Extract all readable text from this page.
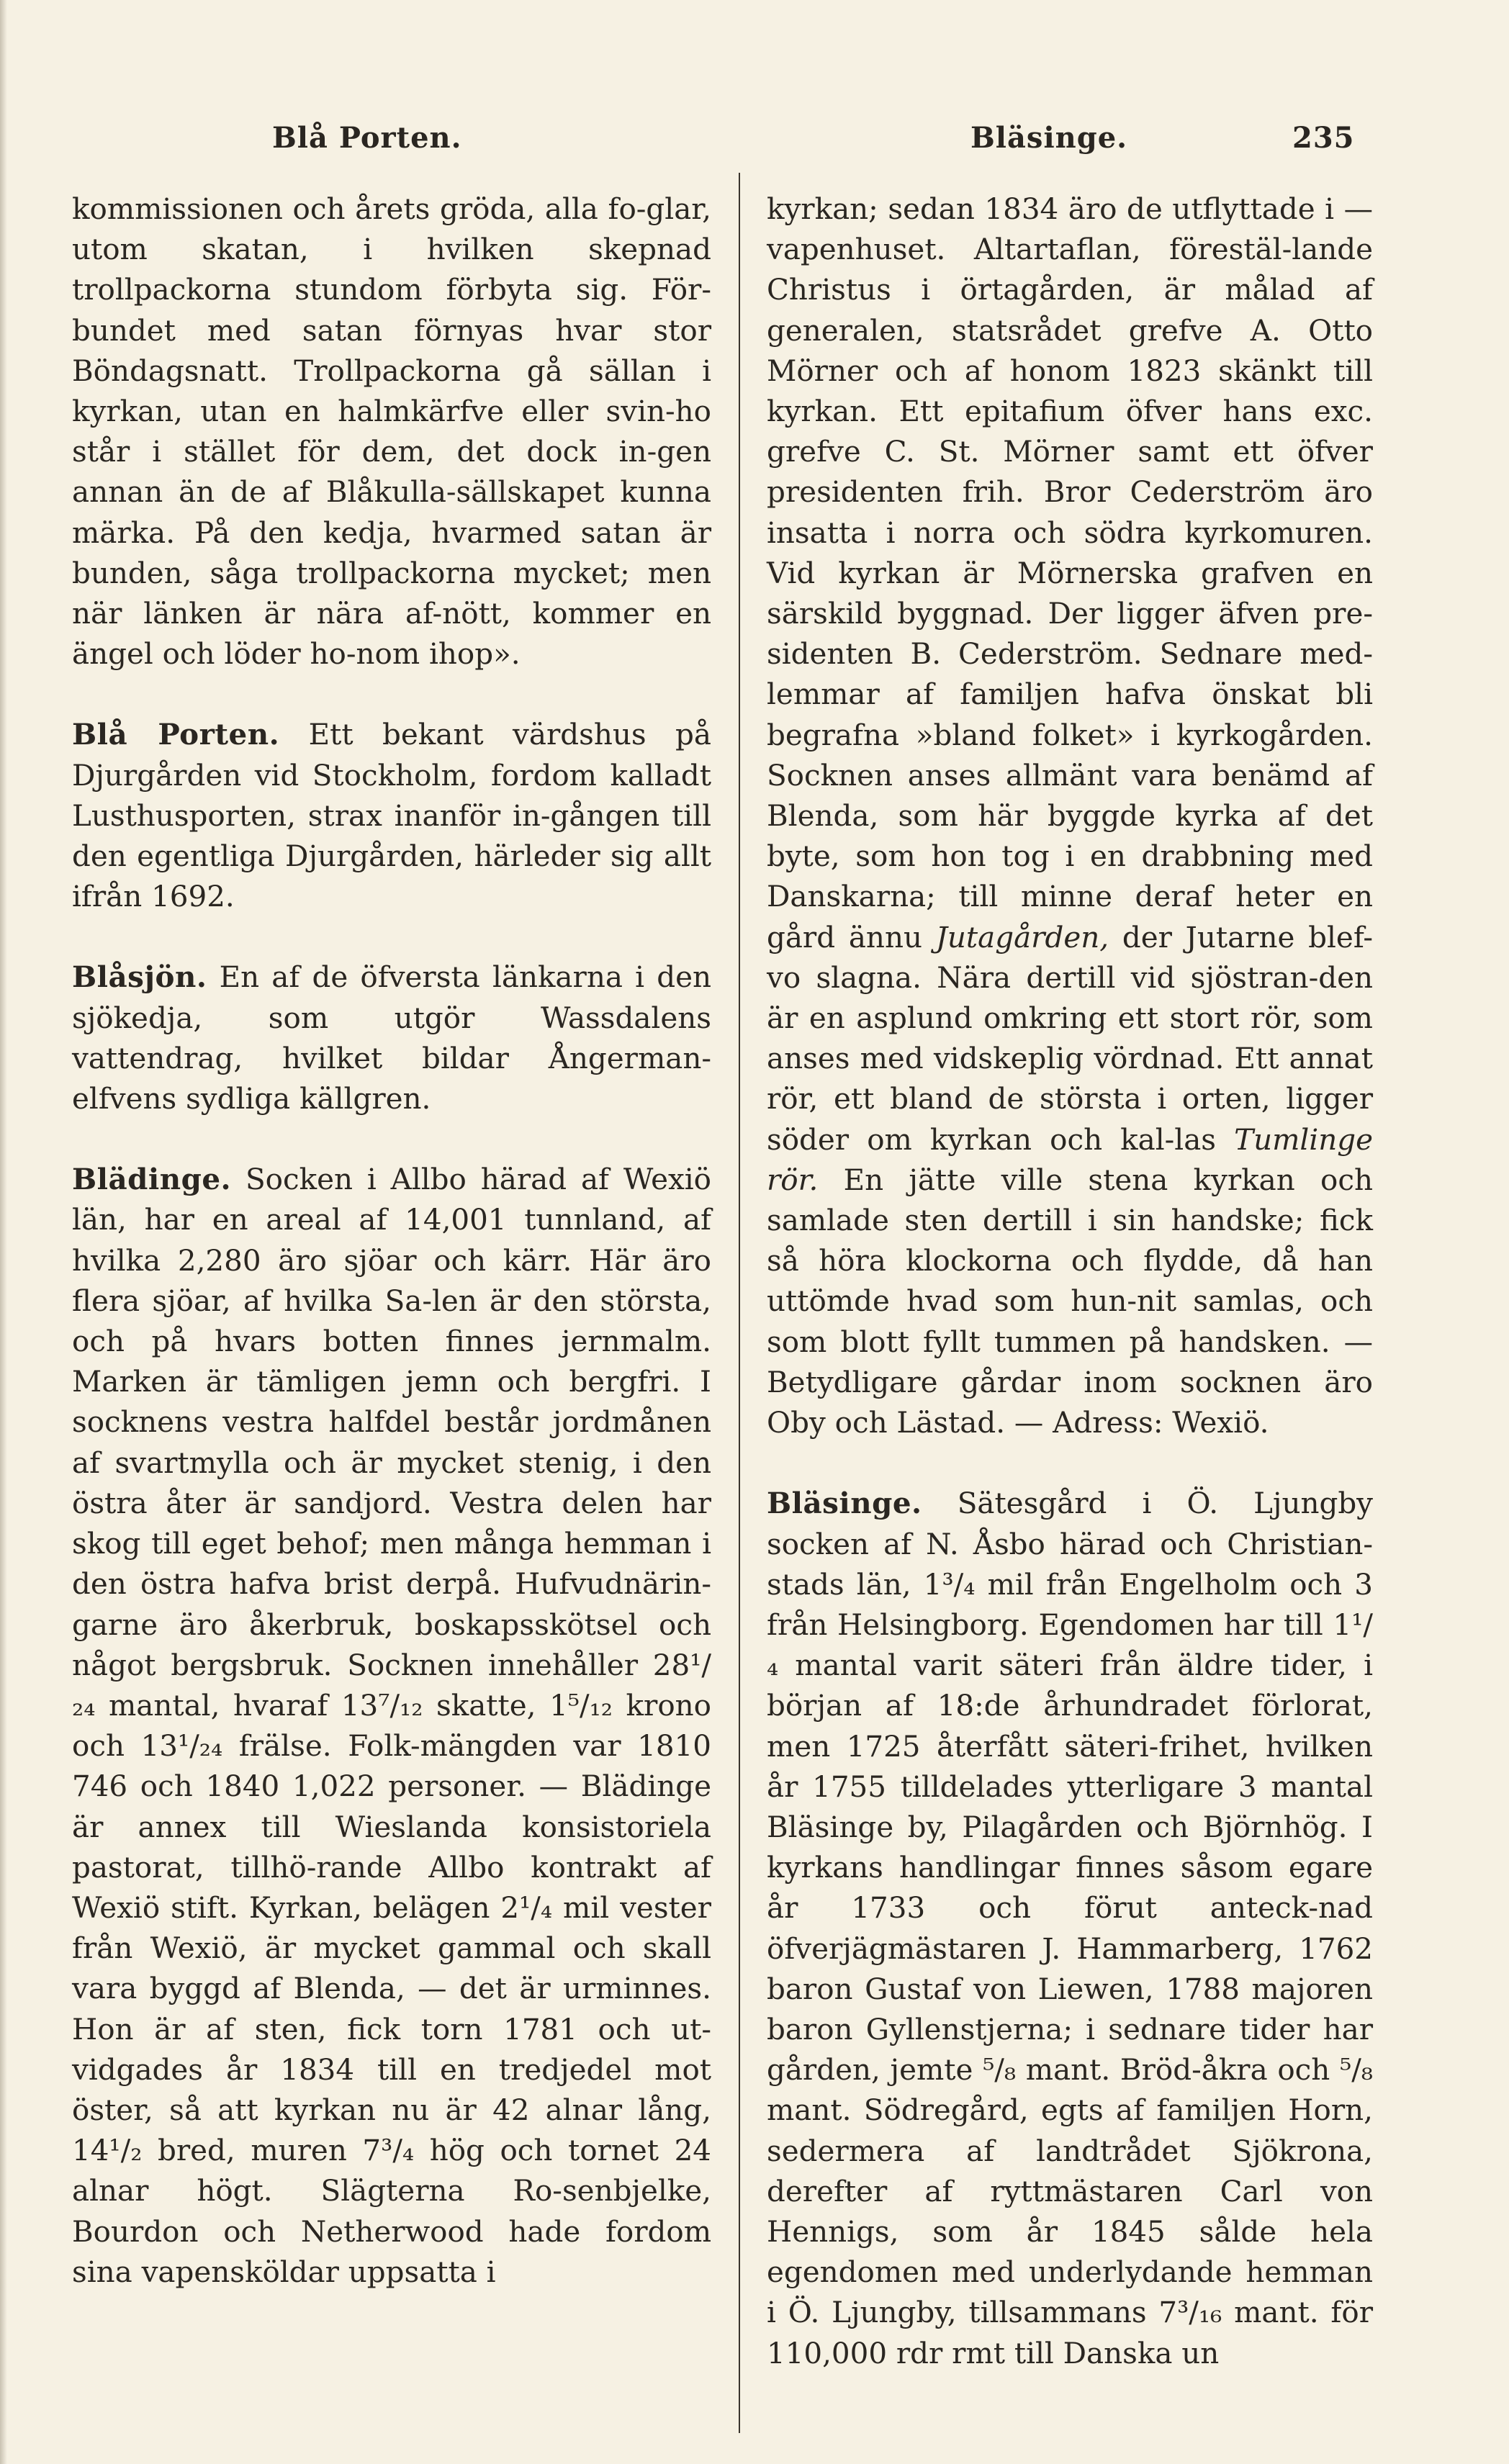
Blå Porten.	Bläsinge.	235

kommissionen och årets gröda, alla fo-glar, utom skatan, i hvilken skepnad trollpackorna stundom förbyta sig. För-bundet med satan förnyas hvar stor Böndagsnatt. Trollpackorna gå sällan i kyrkan, utan en halmkärfve eller svin-ho står i stället för dem, det dock in-gen annan än de af Blåkulla-sällskapet kunna märka. På den kedja, hvarmed satan är bunden, såga trollpackorna mycket; men när länken är nära af-nött, kommer en ängel och löder ho-nom ihop».

Blå Porten. Ett bekant värdshus på Djurgården vid Stockholm, fordom kalladt Lusthusporten, strax inanför in-gången till den egentliga Djurgården, härleder sig allt ifrån 1692.

Blåsjön. En af de öfversta länkarna i den sjökedja, som utgör Wassdalens vattendrag, hvilket bildar Ångerman-elfvens sydliga källgren.

Blädinge. Socken i Allbo härad af Wexiö län, har en areal af 14,001 tunnland, af hvilka 2,280 äro sjöar och kärr. Här äro flera sjöar, af hvilka Sa-len är den största, och på hvars botten finnes jernmalm. Marken är tämligen jemn och bergfri. I socknens vestra halfdel består jordmånen af svartmylla och är mycket stenig, i den östra åter är sandjord. Vestra delen har skog till eget behof; men många hemman i den östra hafva brist derpå. Hufvudnärin-garne äro åkerbruk, boskapsskötsel och något bergsbruk. Socknen innehåller 28¹/₂₄ mantal, hvaraf 13⁷/₁₂ skatte, 1⁵/₁₂ krono och 13¹/₂₄ frälse. Folk-mängden var 1810 746 och 1840 1,022 personer. — Blädinge är annex till Wieslanda konsistoriela pastorat, tillhö-rande Allbo kontrakt af Wexiö stift. Kyrkan, belägen 2¹/₄ mil vester från Wexiö, är mycket gammal och skall vara byggd af Blenda, — det är urminnes. Hon är af sten, fick torn 1781 och ut-vidgades år 1834 till en tredjedel mot öster, så att kyrkan nu är 42 alnar lång, 14¹/₂ bred, muren 7³/₄ hög och tornet 24 alnar högt. Slägterna Ro-senbjelke, Bourdon och Netherwood hade fordom sina vapensköldar uppsatta i

kyrkan; sedan 1834 äro de utflyttade i — vapenhuset. Altartaflan, förestäl-lande Christus i örtagården, är målad af generalen, statsrådet grefve A. Otto Mörner och af honom 1823 skänkt till kyrkan. Ett epitafium öfver hans exc. grefve C. St. Mörner samt ett öfver presidenten frih. Bror Cederström äro insatta i norra och södra kyrkomuren. Vid kyrkan är Mörnerska grafven en särskild byggnad. Der ligger äfven pre-sidenten B. Cederström. Sednare med-lemmar af familjen hafva önskat bli begrafna »bland folket» i kyrkogården. Socknen anses allmänt vara benämd af Blenda, som här byggde kyrka af det byte, som hon tog i en drabbning med Danskarna; till minne deraf heter en gård ännu Jutagården, der Jutarne blef-vo slagna. Nära dertill vid sjöstran-den är en asplund omkring ett stort rör, som anses med vidskeplig vördnad. Ett annat rör, ett bland de största i orten, ligger söder om kyrkan och kal-las Tumlinge rör. En jätte ville stena kyrkan och samlade sten dertill i sin handske; fick så höra klockorna och flydde, då han uttömde hvad som hun-nit samlas, och som blott fyllt tummen på handsken. — Betydligare gårdar inom socknen äro Oby och Lästad. — Adress: Wexiö.

Bläsinge. Sätesgård i Ö. Ljungby socken af N. Åsbo härad och Christian-stads län, 1³/₄ mil från Engelholm och 3 från Helsingborg. Egendomen har till 1¹/₄ mantal varit säteri från äldre tider, i början af 18:de århundradet förlorat, men 1725 återfått säteri-frihet, hvilken år 1755 tilldelades ytterligare 3 mantal Bläsinge by, Pilagården och Björnhög. I kyrkans handlingar finnes såsom egare år 1733 och förut anteck-nad öfverjägmästaren J. Hammarberg, 1762 baron Gustaf von Liewen, 1788 majoren baron Gyllenstjerna; i sednare tider har gården, jemte ⁵/₈ mant. Bröd-åkra och ⁵/₈ mant. Södregård, egts af familjen Horn, sedermera af landtrådet Sjökrona, derefter af ryttmästaren Carl von Hennigs, som år 1845 sålde hela egendomen med underlydande hemman i Ö. Ljungby, tillsammans 7³/₁₆ mant. för 110,000 rdr rmt till Danska un
